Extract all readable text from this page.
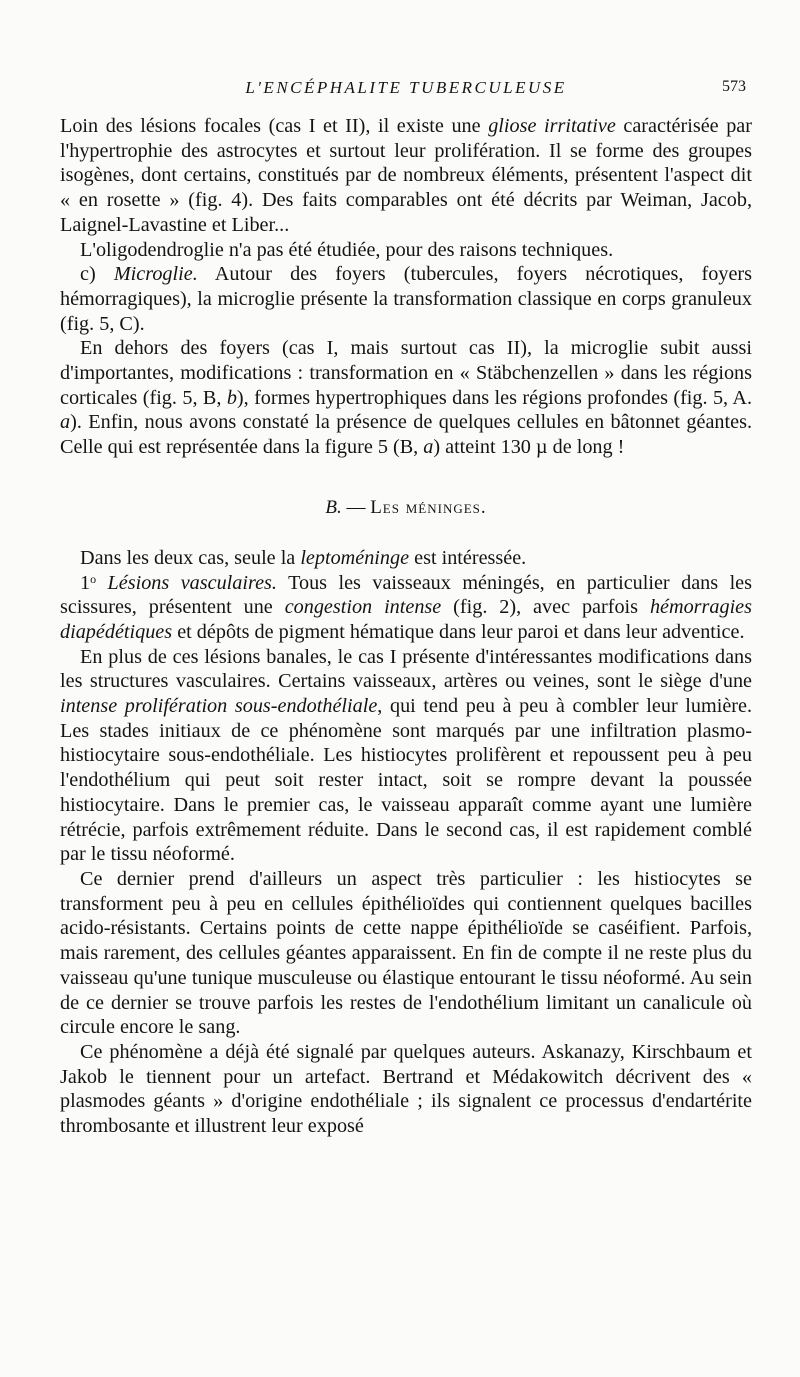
L'ENCÉPHALITE TUBERCULEUSE	573

Loin des lésions focales (cas I et II), il existe une gliose irritative caractérisée par l'hypertrophie des astrocytes et surtout leur prolifération. Il se forme des groupes isogènes, dont certains, constitués par de nombreux éléments, présentent l'aspect dit « en rosette » (fig. 4). Des faits comparables ont été décrits par Weiman, Jacob, Laignel-Lavastine et Liber...

L'oligodendroglie n'a pas été étudiée, pour des raisons techniques.

c) Microglie. Autour des foyers (tubercules, foyers nécrotiques, foyers hémorragiques), la microglie présente la transformation classique en corps granuleux (fig. 5, C).

En dehors des foyers (cas I, mais surtout cas II), la microglie subit aussi d'importantes, modifications : transformation en « Stäbchenzellen » dans les régions corticales (fig. 5, B, b), formes hypertrophiques dans les régions profondes (fig. 5, A. a). Enfin, nous avons constaté la présence de quelques cellules en bâtonnet géantes. Celle qui est représentée dans la figure 5 (B, a) atteint 130 µ de long !

B. — Les méninges.

Dans les deux cas, seule la leptoméninge est intéressée.

1$^o$ Lésions vasculaires. Tous les vaisseaux méningés, en particulier dans les scissures, présentent une congestion intense (fig. 2), avec parfois hémorragies diapédétiques et dépôts de pigment hématique dans leur paroi et dans leur adventice.

En plus de ces lésions banales, le cas I présente d'intéressantes modifications dans les structures vasculaires. Certains vaisseaux, artères ou veines, sont le siège d'une intense prolifération sous-endothéliale, qui tend peu à peu à combler leur lumière. Les stades initiaux de ce phénomène sont marqués par une infiltration plasmo-histiocytaire sous-endothéliale. Les histiocytes prolifèrent et repoussent peu à peu l'endothélium qui peut soit rester intact, soit se rompre devant la poussée histiocytaire. Dans le premier cas, le vaisseau apparaît comme ayant une lumière rétrécie, parfois extrêmement réduite. Dans le second cas, il est rapidement comblé par le tissu néoformé.

Ce dernier prend d'ailleurs un aspect très particulier : les histiocytes se transforment peu à peu en cellules épithélioïdes qui contiennent quelques bacilles acido-résistants. Certains points de cette nappe épithélioïde se caséifient. Parfois, mais rarement, des cellules géantes apparaissent. En fin de compte il ne reste plus du vaisseau qu'une tunique musculeuse ou élastique entourant le tissu néoformé. Au sein de ce dernier se trouve parfois les restes de l'endothélium limitant un canalicule où circule encore le sang.

Ce phénomène a déjà été signalé par quelques auteurs. Askanazy, Kirschbaum et Jakob le tiennent pour un artefact. Bertrand et Médakowitch décrivent des « plasmodes géants » d'origine endothéliale ; ils signalent ce processus d'endartérite thrombosante et illustrent leur exposé
